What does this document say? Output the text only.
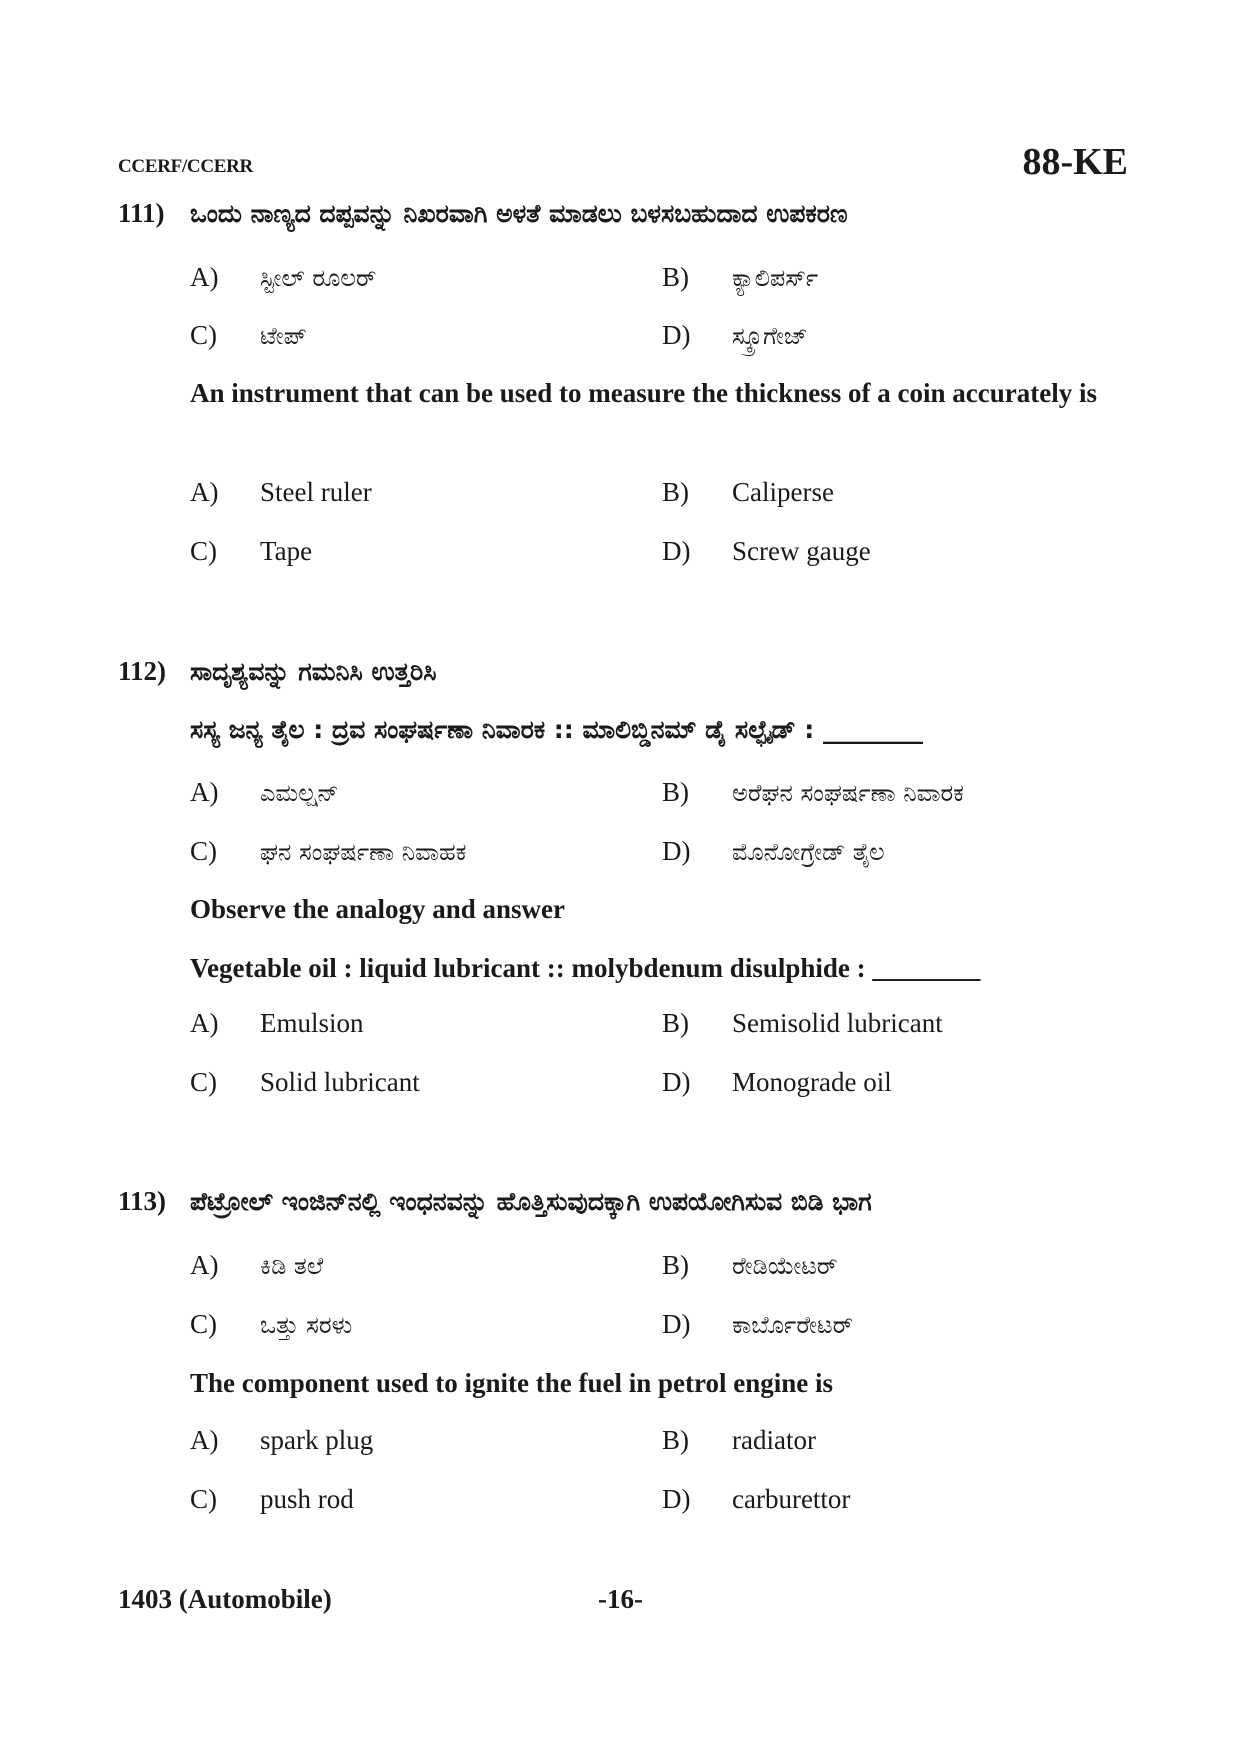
CCERF/CCERR	88-KE
111) ಒಂದು ನಾಣ್ಯದ ದಪ್ಪವನ್ನು ನಿಖರವಾಗಿ ಅಳತೆ ಮಾಡಲು ಬಳಸಬಹುದಾದ ಉಪಕರಣ
A) ಸ್ಟೀಲ್ ರೂಲರ್	B) ಕ್ಯಾಲಿಪರ್ಸ್
C) ಟೇಪ್	D) ಸ್ಕ್ರೂಗೇಜ್
An instrument that can be used to measure the thickness of a coin accurately is
A) Steel ruler	B) Caliperse
C) Tape	D) Screw gauge
112) ಸಾದೃಶ್ಯವನ್ನು ಗಮನಿಸಿ ಉತ್ತರಿಸಿ
ಸಸ್ಯ ಜನ್ಯ ತೈಲ : ದ್ರವ ಸಂಘರ್ಷಣಾ ನಿವಾರಕ :: ಮಾಲಿಬ್ಡಿನಮ್ ಡೈ ಸಲ್ಫೈಡ್ : ________
A) ಎಮಲ್ಷನ್	B) ಅರೆಘನ ಸಂಘರ್ಷಣಾ ನಿವಾರಕ
C) ಘನ ಸಂಘರ್ಷಣಾ ನಿವಾಹಕ	D) ಮೊನೋಗ್ರೇಡ್ ತೈಲ
Observe the analogy and answer
Vegetable oil : liquid lubricant :: molybdenum disulphide : ________
A) Emulsion	B) Semisolid lubricant
C) Solid lubricant	D) Monograde oil
113) ಪೆಟ್ರೋಲ್ ಇಂಜಿನ್‌ನಲ್ಲಿ ಇಂಧನವನ್ನು ಹೊತ್ತಿಸುವುದಕ್ಕಾಗಿ ಉಪಯೋಗಿಸುವ ಬಿಡಿ ಭಾಗ
A) ಕಿಡಿ ತಲೆ	B) ರೇಡಿಯೇಟರ್
C) ಒತ್ತು ಸರಳು	D) ಕಾರ್ಬೊರೇಟರ್
The component used to ignite the fuel in petrol engine is
A) spark plug	B) radiator
C) push rod	D) carburettor
1403 (Automobile)	-16-
